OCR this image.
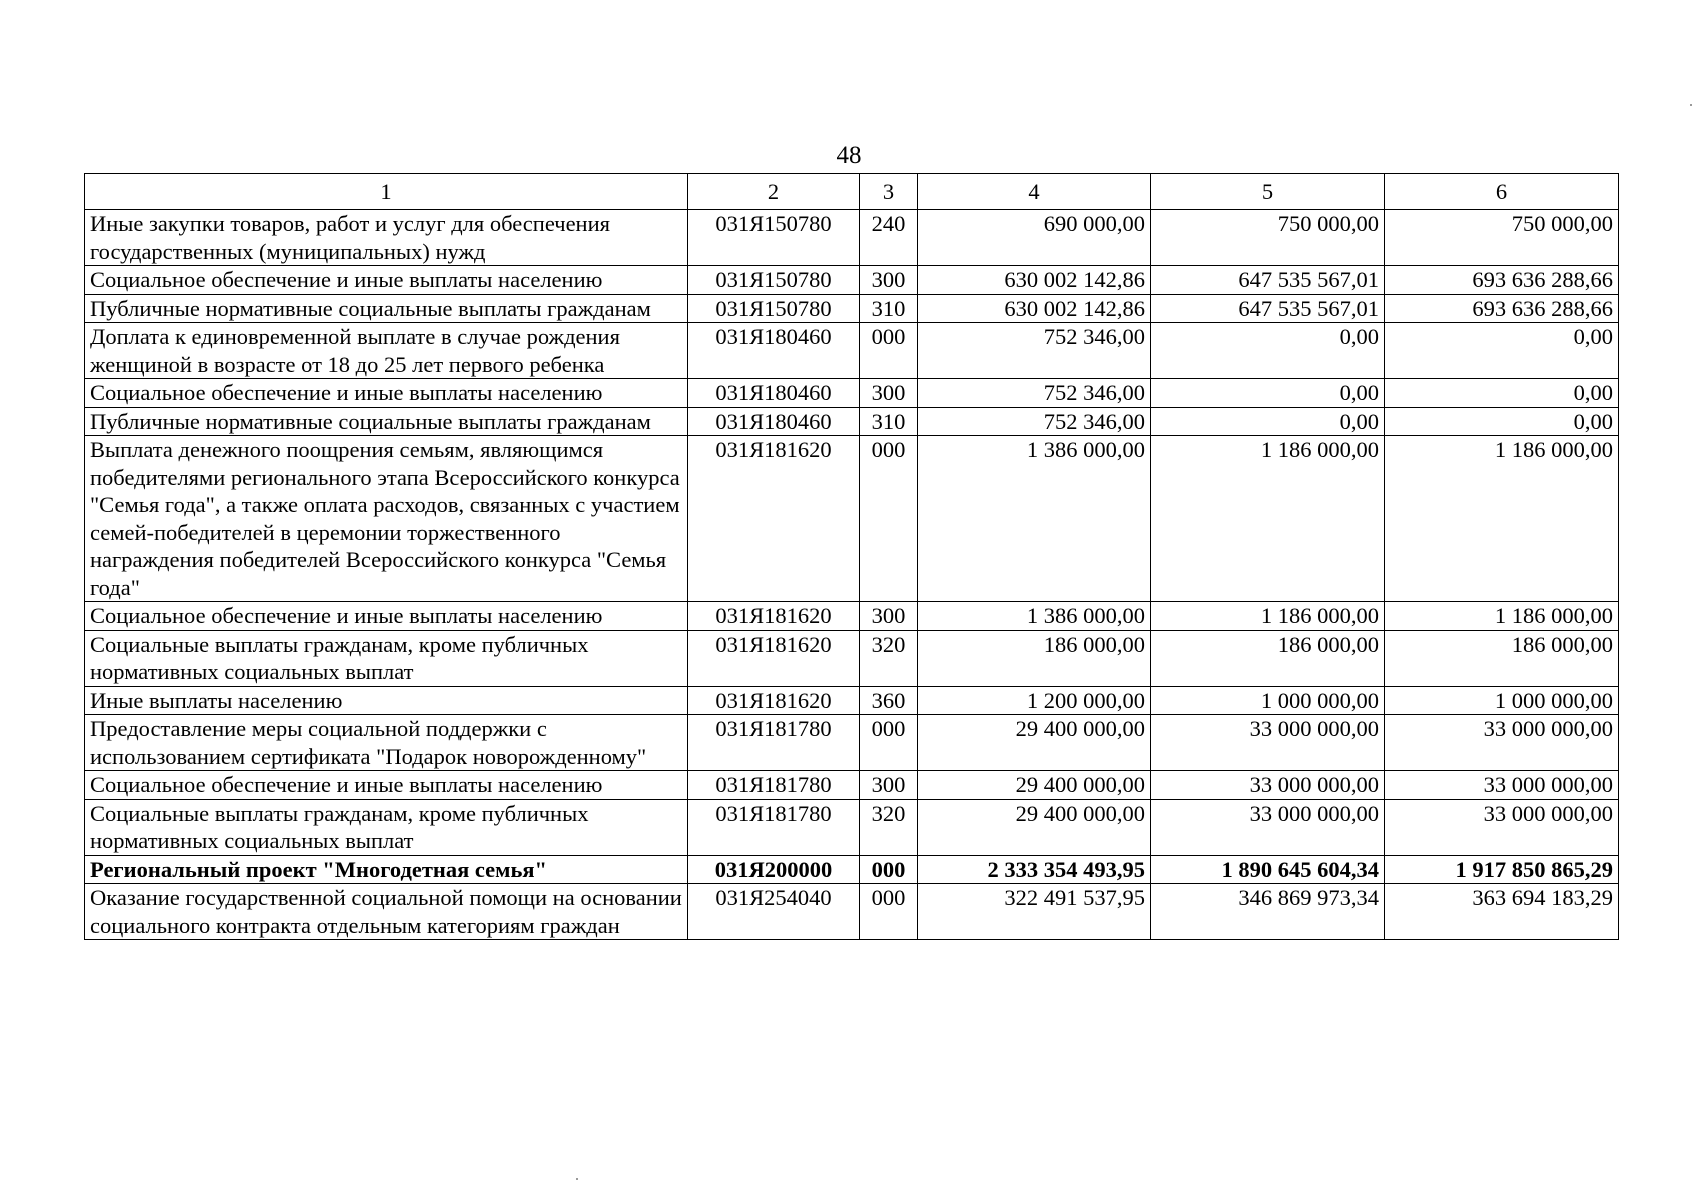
48
1	2	3	4	5	6
Иные закупки товаров, работ и услуг для обеспечения государственных (муниципальных) нужд	031Я150780	240	690 000,00	750 000,00	750 000,00
Социальное обеспечение и иные выплаты населению	031Я150780	300	630 002 142,86	647 535 567,01	693 636 288,66
Публичные нормативные социальные выплаты гражданам	031Я150780	310	630 002 142,86	647 535 567,01	693 636 288,66
Доплата к единовременной выплате в случае рождения женщиной в возрасте от 18 до 25 лет первого ребенка	031Я180460	000	752 346,00	0,00	0,00
Социальное обеспечение и иные выплаты населению	031Я180460	300	752 346,00	0,00	0,00
Публичные нормативные социальные выплаты гражданам	031Я180460	310	752 346,00	0,00	0,00
Выплата денежного поощрения семьям, являющимся победителями регионального этапа Всероссийского конкурса "Семья года", а также оплата расходов, связанных с участием семей-победителей в церемонии торжественного награждения победителей Всероссийского конкурса "Семья года"	031Я181620	000	1 386 000,00	1 186 000,00	1 186 000,00
Социальное обеспечение и иные выплаты населению	031Я181620	300	1 386 000,00	1 186 000,00	1 186 000,00
Социальные выплаты гражданам, кроме публичных нормативных социальных выплат	031Я181620	320	186 000,00	186 000,00	186 000,00
Иные выплаты населению	031Я181620	360	1 200 000,00	1 000 000,00	1 000 000,00
Предоставление меры социальной поддержки с использованием сертификата "Подарок новорожденному"	031Я181780	000	29 400 000,00	33 000 000,00	33 000 000,00
Социальное обеспечение и иные выплаты населению	031Я181780	300	29 400 000,00	33 000 000,00	33 000 000,00
Социальные выплаты гражданам, кроме публичных нормативных социальных выплат	031Я181780	320	29 400 000,00	33 000 000,00	33 000 000,00
Региональный проект "Многодетная семья"	031Я200000	000	2 333 354 493,95	1 890 645 604,34	1 917 850 865,29
Оказание государственной социальной помощи на основании социального контракта отдельным категориям граждан	031Я254040	000	322 491 537,95	346 869 973,34	363 694 183,29
